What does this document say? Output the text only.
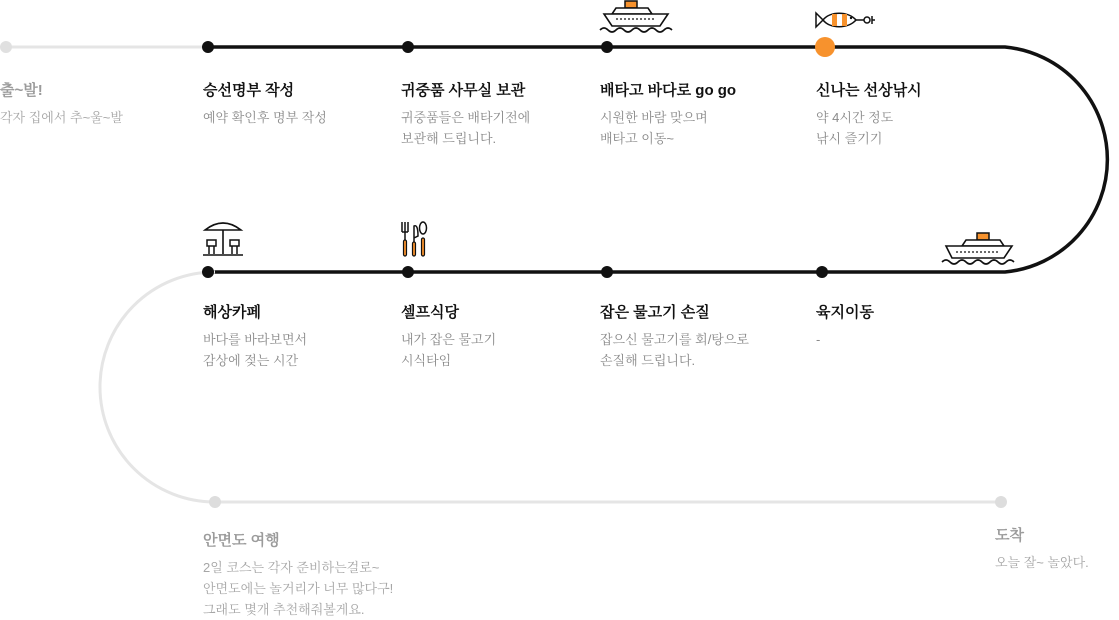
출~발!
각자 집에서 추~울~발
승선명부 작성
예약 확인후 명부 작성
귀중품 사무실 보관
귀중품들은 배타기전에
보관해 드립니다.
배타고 바다로 go go
시원한 바람 맞으며
배타고 이동~
신나는 선상낚시
약 4시간 정도
낚시 즐기기
해상카페
바다를 바라보면서
감상에 젖는 시간
셀프식당
내가 잡은 물고기
시식타임
잡은 물고기 손질
잡으신 물고기를 회/탕으로
손질해 드립니다.
육지이동
-
안면도 여행
2일 코스는 각자 준비하는걸로~
안면도에는 놀거리가 너무 많다구!
그래도 몇개 추천해줘볼게요.
도착
오늘 잘~ 놀았다.
